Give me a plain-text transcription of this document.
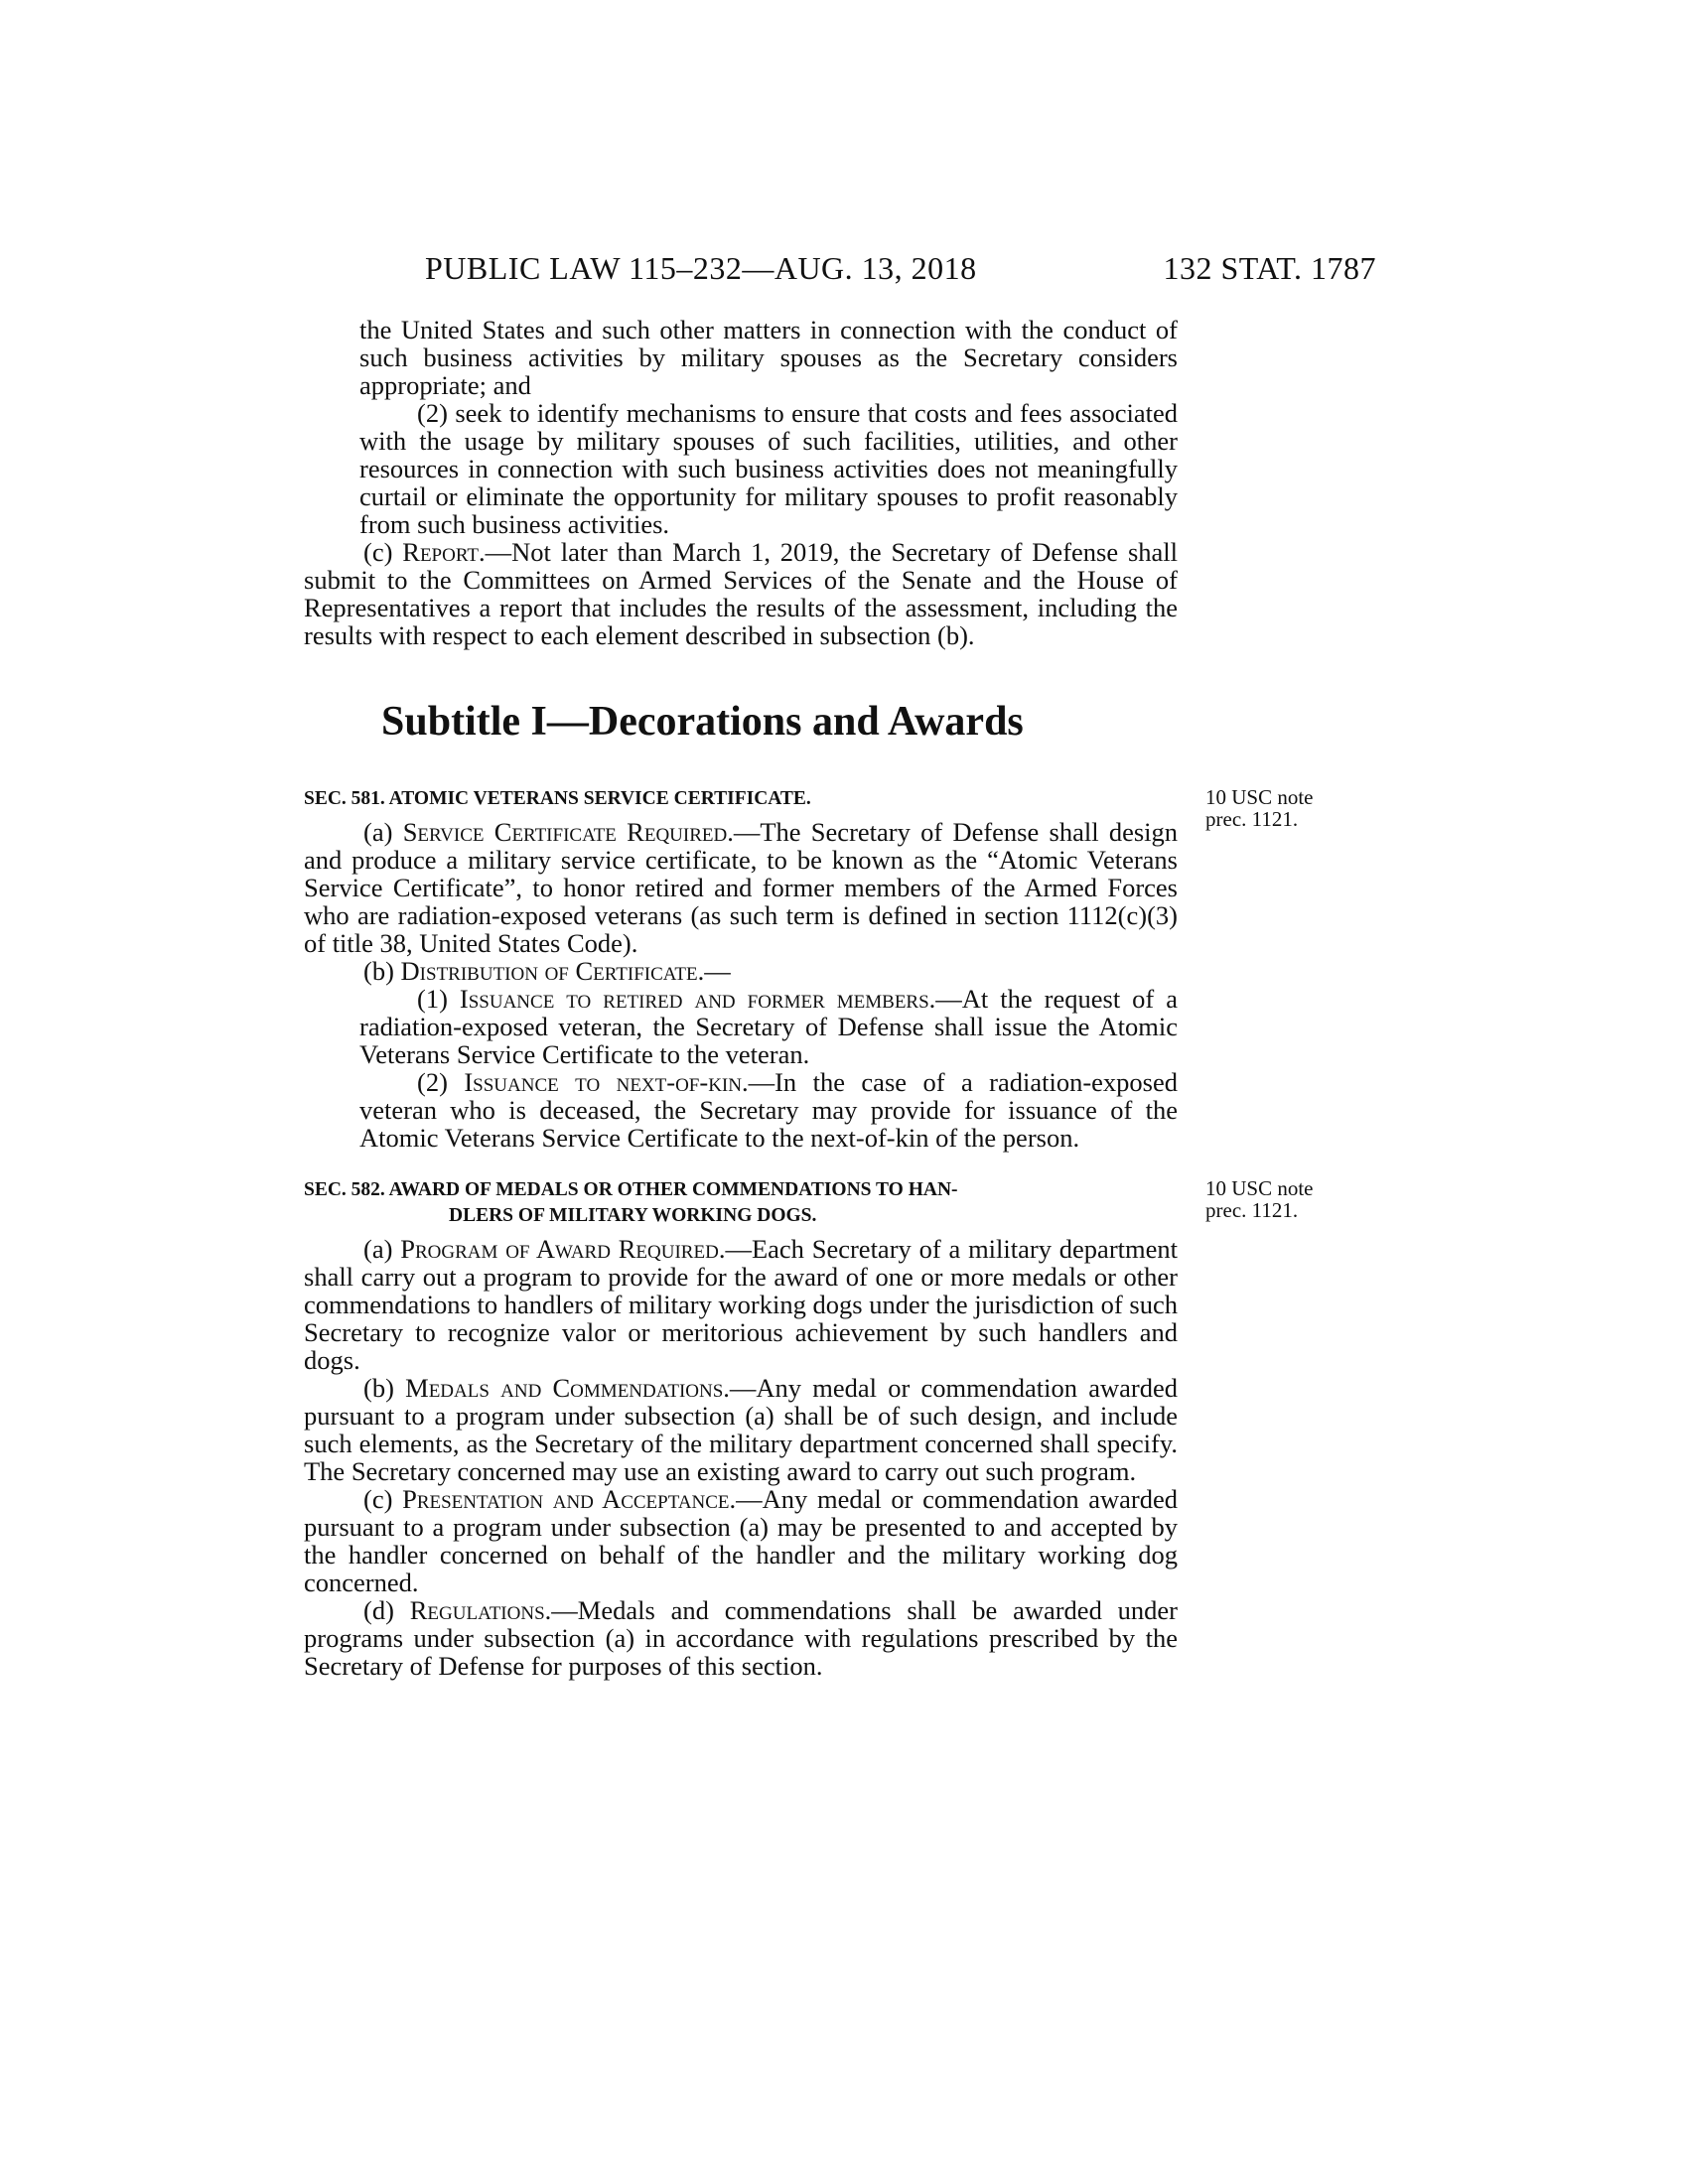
PUBLIC LAW 115–232—AUG. 13, 2018	132 STAT. 1787

the United States and such other matters in connection with the conduct of such business activities by military spouses as the Secretary considers appropriate; and

(2) seek to identify mechanisms to ensure that costs and fees associated with the usage by military spouses of such facilities, utilities, and other resources in connection with such business activities does not meaningfully curtail or eliminate the opportunity for military spouses to profit reasonably from such business activities.

(c) Report.—Not later than March 1, 2019, the Secretary of Defense shall submit to the Committees on Armed Services of the Senate and the House of Representatives a report that includes the results of the assessment, including the results with respect to each element described in subsection (b).

Subtitle I—Decorations and Awards
10 USC note
prec. 1121.

SEC. 581. ATOMIC VETERANS SERVICE CERTIFICATE.

(a) Service Certificate Required.—The Secretary of Defense shall design and produce a military service certificate, to be known as the “Atomic Veterans Service Certificate”, to honor retired and former members of the Armed Forces who are radiation-exposed veterans (as such term is defined in section 1112(c)(3) of title 38, United States Code).

(b) Distribution of Certificate.—

(1) Issuance to retired and former members.—At the request of a radiation-exposed veteran, the Secretary of Defense shall issue the Atomic Veterans Service Certificate to the veteran.

(2) Issuance to next-of-kin.—In the case of a radiation-exposed veteran who is deceased, the Secretary may provide for issuance of the Atomic Veterans Service Certificate to the next-of-kin of the person.

10 USC note
prec. 1121.

SEC. 582. AWARD OF MEDALS OR OTHER COMMENDATIONS TO HAN-
DLERS OF MILITARY WORKING DOGS.

(a) Program of Award Required.—Each Secretary of a military department shall carry out a program to provide for the award of one or more medals or other commendations to handlers of military working dogs under the jurisdiction of such Secretary to recognize valor or meritorious achievement by such handlers and dogs.

(b) Medals and Commendations.—Any medal or commendation awarded pursuant to a program under subsection (a) shall be of such design, and include such elements, as the Secretary of the military department concerned shall specify. The Secretary concerned may use an existing award to carry out such program.

(c) Presentation and Acceptance.—Any medal or commendation awarded pursuant to a program under subsection (a) may be presented to and accepted by the handler concerned on behalf of the handler and the military working dog concerned.

(d) Regulations.—Medals and commendations shall be awarded under programs under subsection (a) in accordance with regulations prescribed by the Secretary of Defense for purposes of this section.
